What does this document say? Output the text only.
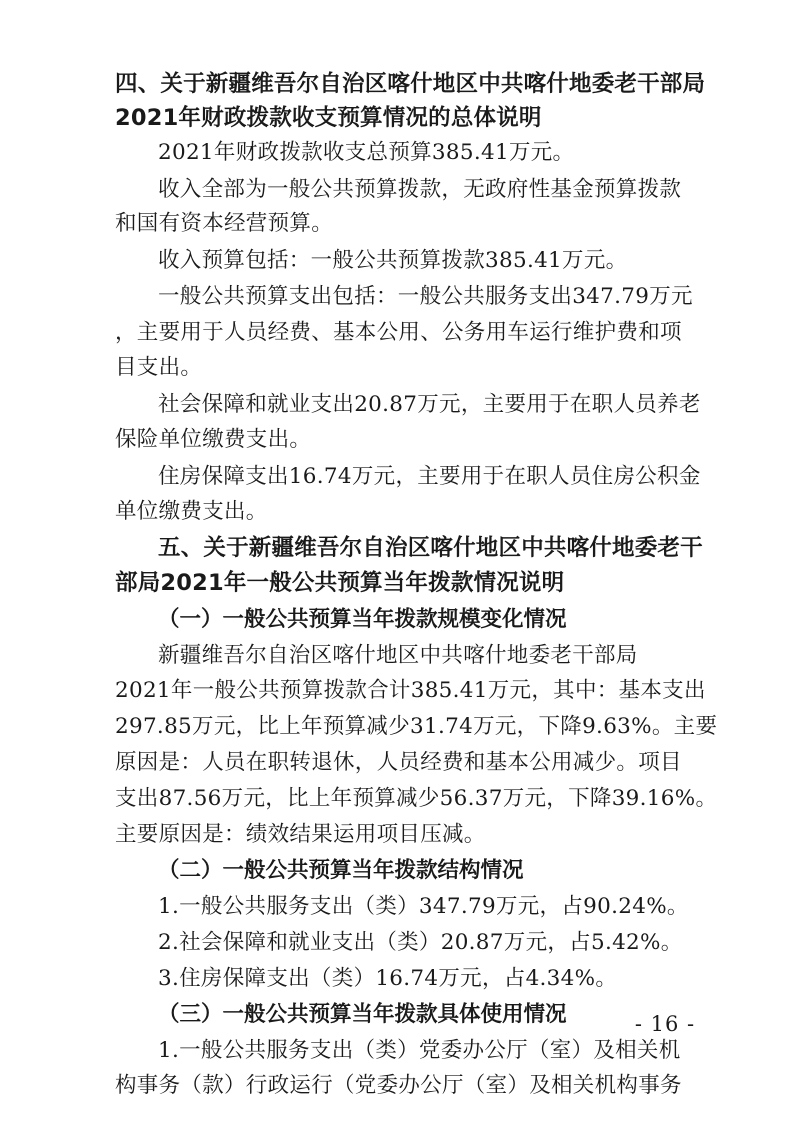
四、关于新疆维吾尔自治区喀什地区中共喀什地委老干部局
2021年财政拨款收支预算情况的总体说明
2021年财政拨款收支总预算385.41万元。
收入全部为一般公共预算拨款，无政府性基金预算拨款
和国有资本经营预算。
收入预算包括：一般公共预算拨款385.41万元。
一般公共预算支出包括：一般公共服务支出347.79万元
，主要用于人员经费、基本公用、公务用车运行维护费和项
目支出。
社会保障和就业支出20.87万元，主要用于在职人员养老
保险单位缴费支出。
住房保障支出16.74万元，主要用于在职人员住房公积金
单位缴费支出。
五、关于新疆维吾尔自治区喀什地区中共喀什地委老干
部局2021年一般公共预算当年拨款情况说明
（一）一般公共预算当年拨款规模变化情况
新疆维吾尔自治区喀什地区中共喀什地委老干部局
2021年一般公共预算拨款合计385.41万元，其中：基本支出
297.85万元，比上年预算减少31.74万元，下降9.63%。主要
原因是：人员在职转退休，人员经费和基本公用减少。项目
支出87.56万元，比上年预算减少56.37万元，下降39.16%。
主要原因是：绩效结果运用项目压减。
（二）一般公共预算当年拨款结构情况
1.一般公共服务支出（类）347.79万元，占90.24%。
2.社会保障和就业支出（类）20.87万元，占5.42%。
3.住房保障支出（类）16.74万元，占4.34%。
（三）一般公共预算当年拨款具体使用情况
1.一般公共服务支出（类）党委办公厅（室）及相关机
构事务（款）行政运行（党委办公厅（室）及相关机构事务
- 16 -
